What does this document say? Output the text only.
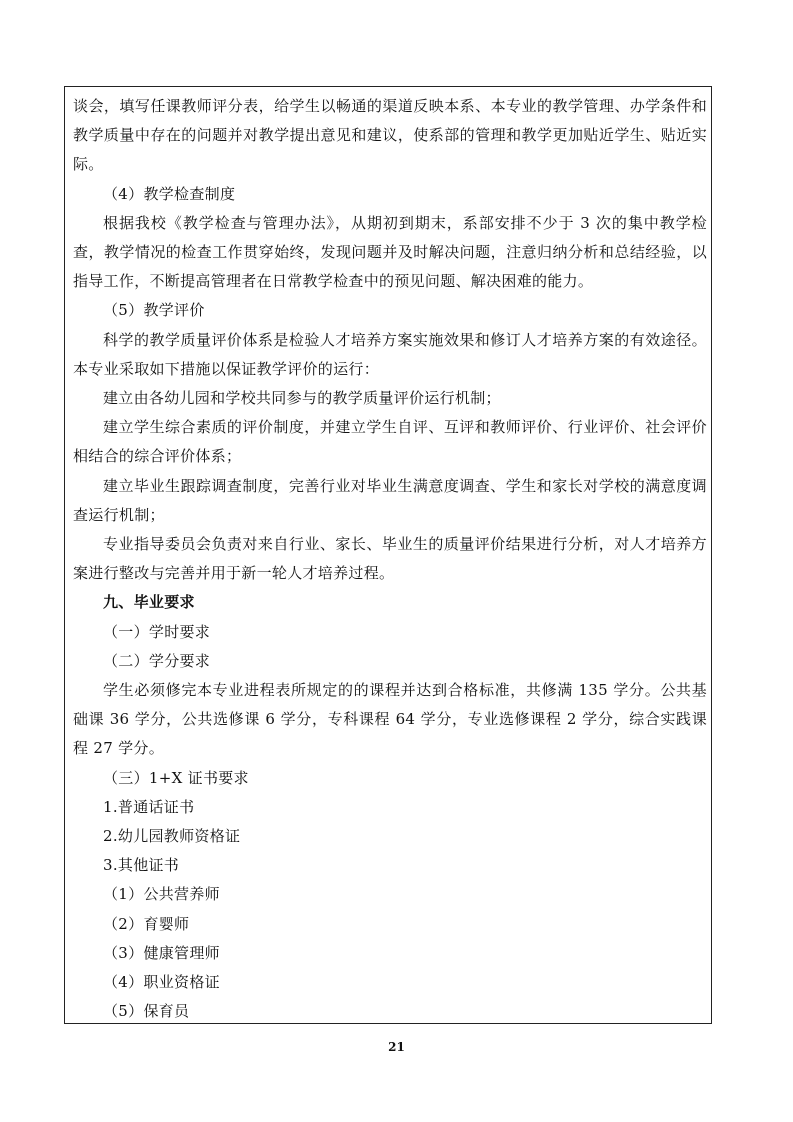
谈会，填写任课教师评分表，给学生以畅通的渠道反映本系、本专业的教学管理、办学条件和教学质量中存在的问题并对教学提出意见和建议，使系部的管理和教学更加贴近学生、贴近实际。

（4）教学检查制度

根据我校《教学检查与管理办法》，从期初到期末，系部安排不少于 3 次的集中教学检查，教学情况的检查工作贯穿始终，发现问题并及时解决问题，注意归纳分析和总结经验，以指导工作，不断提高管理者在日常教学检查中的预见问题、解决困难的能力。

（5）教学评价

科学的教学质量评价体系是检验人才培养方案实施效果和修订人才培养方案的有效途径。本专业采取如下措施以保证教学评价的运行：

建立由各幼儿园和学校共同参与的教学质量评价运行机制；

建立学生综合素质的评价制度，并建立学生自评、互评和教师评价、行业评价、社会评价相结合的综合评价体系；

建立毕业生跟踪调查制度，完善行业对毕业生满意度调查、学生和家长对学校的满意度调查运行机制；

专业指导委员会负责对来自行业、家长、毕业生的质量评价结果进行分析，对人才培养方案进行整改与完善并用于新一轮人才培养过程。

九、毕业要求

（一）学时要求

（二）学分要求

学生必须修完本专业进程表所规定的的课程并达到合格标准，共修满 135 学分。公共基础课 36 学分，公共选修课 6 学分，专科课程 64 学分，专业选修课程 2 学分，综合实践课程 27 学分。

（三）1+X 证书要求

1.普通话证书

2.幼儿园教师资格证

3.其他证书

（1）公共营养师

（2）育婴师

（3）健康管理师

（4）职业资格证

（5）保育员

21
